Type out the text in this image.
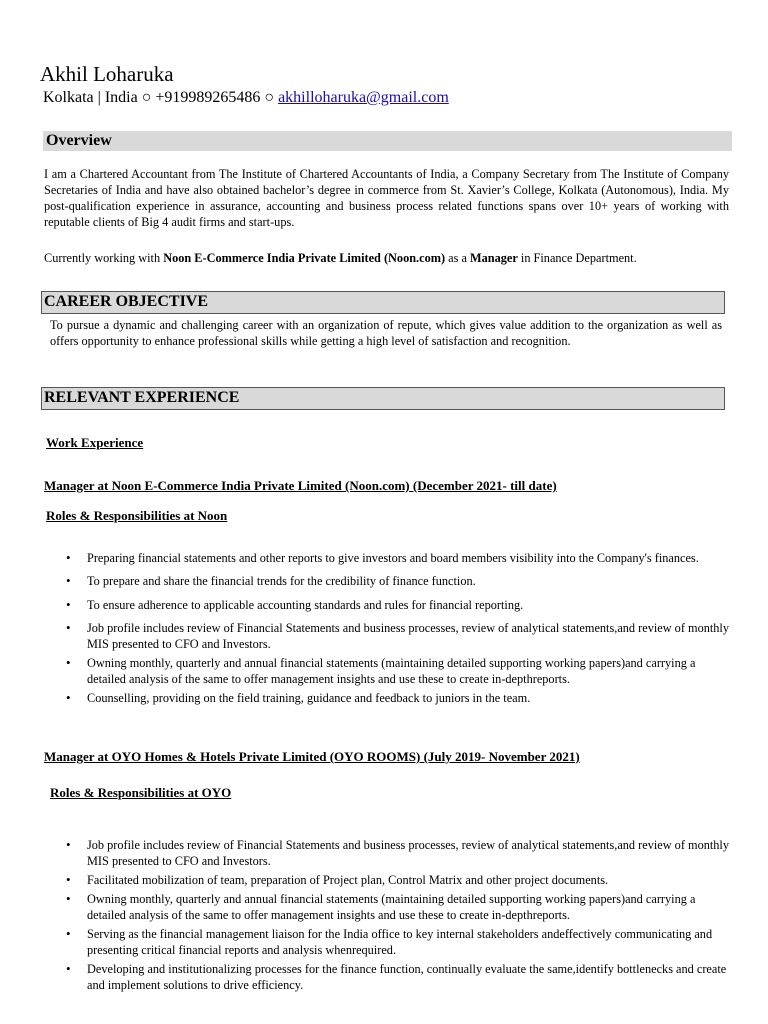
Akhil Loharuka
Kolkata | India ○ +919989265486 ○ akhilloharuka@gmail.com
Overview
I am a Chartered Accountant from The Institute of Chartered Accountants of India, a Company Secretary from The Institute of Company Secretaries of India and have also obtained bachelor’s degree in commerce from St. Xavier’s College, Kolkata (Autonomous), India. My post-qualification experience in assurance, accounting and business process related functions spans over 10+ years of working with reputable clients of Big 4 audit firms and start-ups.
Currently working with Noon E-Commerce India Private Limited (Noon.com) as a Manager in Finance Department.
CAREER OBJECTIVE
To pursue a dynamic and challenging career with an organization of repute, which gives value addition to the organization as well as offers opportunity to enhance professional skills while getting a high level of satisfaction and recognition.
RELEVANT EXPERIENCE
Work Experience
Manager at Noon E-Commerce India Private Limited (Noon.com) (December 2021- till date)
Roles & Responsibilities at Noon
• Preparing financial statements and other reports to give investors and board members visibility into the Company's finances.
• To prepare and share the financial trends for the credibility of finance function.
• To ensure adherence to applicable accounting standards and rules for financial reporting.
• Job profile includes review of Financial Statements and business processes, review of analytical statements,and review of monthly MIS presented to CFO and Investors.
• Owning monthly, quarterly and annual financial statements (maintaining detailed supporting working papers)and carrying a detailed analysis of the same to offer management insights and use these to create in-depthreports.
• Counselling, providing on the field training, guidance and feedback to juniors in the team.
Manager at OYO Homes & Hotels Private Limited (OYO ROOMS) (July 2019- November 2021)
Roles & Responsibilities at OYO
• Job profile includes review of Financial Statements and business processes, review of analytical statements,and review of monthly MIS presented to CFO and Investors.
• Facilitated mobilization of team, preparation of Project plan, Control Matrix and other project documents.
• Owning monthly, quarterly and annual financial statements (maintaining detailed supporting working papers)and carrying a detailed analysis of the same to offer management insights and use these to create in-depthreports.
• Serving as the financial management liaison for the India office to key internal stakeholders andeffectively communicating and presenting critical financial reports and analysis whenrequired.
• Developing and institutionalizing processes for the finance function, continually evaluate the same,identify bottlenecks and create and implement solutions to drive efficiency.
